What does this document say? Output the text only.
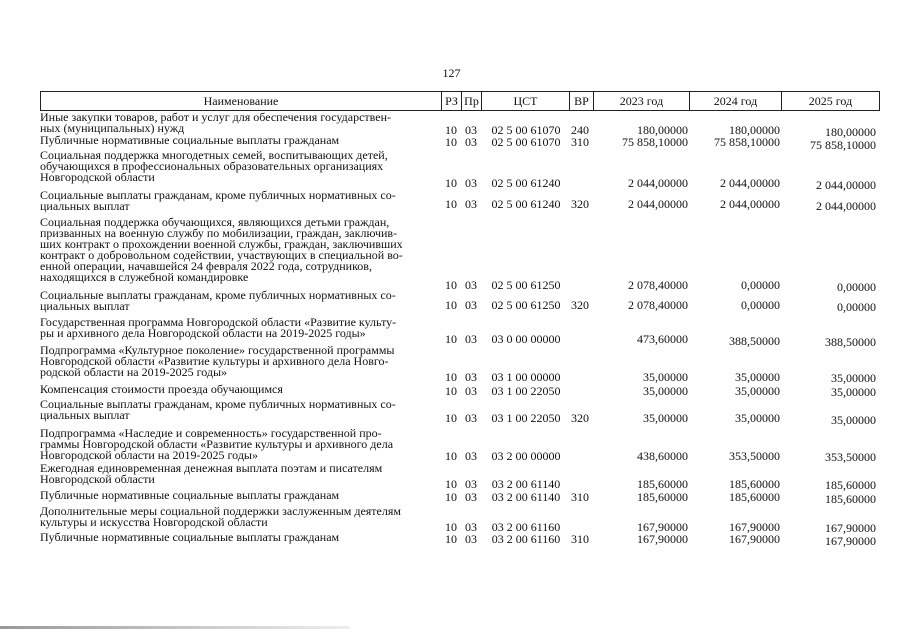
127
Наименование	РЗ Пр	ЦСТ	ВР	2023 год	2024 год	2025 год
Иные закупки товаров, работ и услуг для обеспечения государствен-
ных (муниципальных) нужд	10 03	02 5 00 61070 240	180,00000	180,00000	180,00000
Публичные нормативные социальные выплаты гражданам	10 03	02 5 00 61070 310	75 858,10000	75 858,10000	75 858,10000
Социальная поддержка многодетных семей, воспитывающих детей,
обучающихся в профессиональных образовательных организациях
Новгородской области	10 03	02 5 00 61240	2 044,00000	2 044,00000	2 044,00000
Социальные выплаты гражданам, кроме публичных нормативных со-
циальных выплат	10 03	02 5 00 61240 320	2 044,00000	2 044,00000	2 044,00000
Социальная поддержка обучающихся, являющихся детьми граждан,
призванных на военную службу по мобилизации, граждан, заключив-
ших контракт о прохождении военной службы, граждан, заключивших
контракт о добровольном содействии, участвующих в специальной во-
енной операции, начавшейся 24 февраля 2022 года, сотрудников,
находящихся в служебной командировке
10 03	02 5 00 61250	2 078,40000	0,00000	0,00000
Социальные выплаты гражданам, кроме публичных нормативных со-
циальных выплат	10 03	02 5 00 61250 320	2 078,40000	0,00000	0,00000
Государственная программа Новгородской области «Развитие культу-
ры и архивного дела Новгородской области на 2019-2025 годы»	10 03	03 0 00 00000	473,60000	388,50000	388,50000
Подпрограмма «Культурное поколение» государственной программы
Новгородской области «Развитие культуры и архивного дела Новго-
родской области на 2019-2025 годы»	10 03	03 1 00 00000	35,00000	35,00000	35,00000
Компенсация стоимости проезда обучающимся	10 03	03 1 00 22050	35,00000	35,00000	35,00000
Социальные выплаты гражданам, кроме публичных нормативных со-
циальных выплат	10 03	03 1 00 22050 320	35,00000	35,00000	35,00000
Подпрограмма «Наследие и современность» государственной про-
граммы Новгородской области «Развитие культуры и архивного дела
Новгородской области на 2019-2025 годы»	10 03	03 2 00 00000	438,60000	353,50000	353,50000
Ежегодная единовременная денежная выплата поэтам и писателям
Новгородской области	10 03	03 2 00 61140	185,60000	185,60000	185,60000
Публичные нормативные социальные выплаты гражданам	10 03	03 2 00 61140 310	185,60000	185,60000	185,60000
Дополнительные меры социальной поддержки заслуженным деятелям
культуры и искусства Новгородской области	10 03	03 2 00 61160	167,90000	167,90000	167,90000
Публичные нормативные социальные выплаты гражданам	10 03	03 2 00 61160 310	167,90000	167,90000	167,90000
